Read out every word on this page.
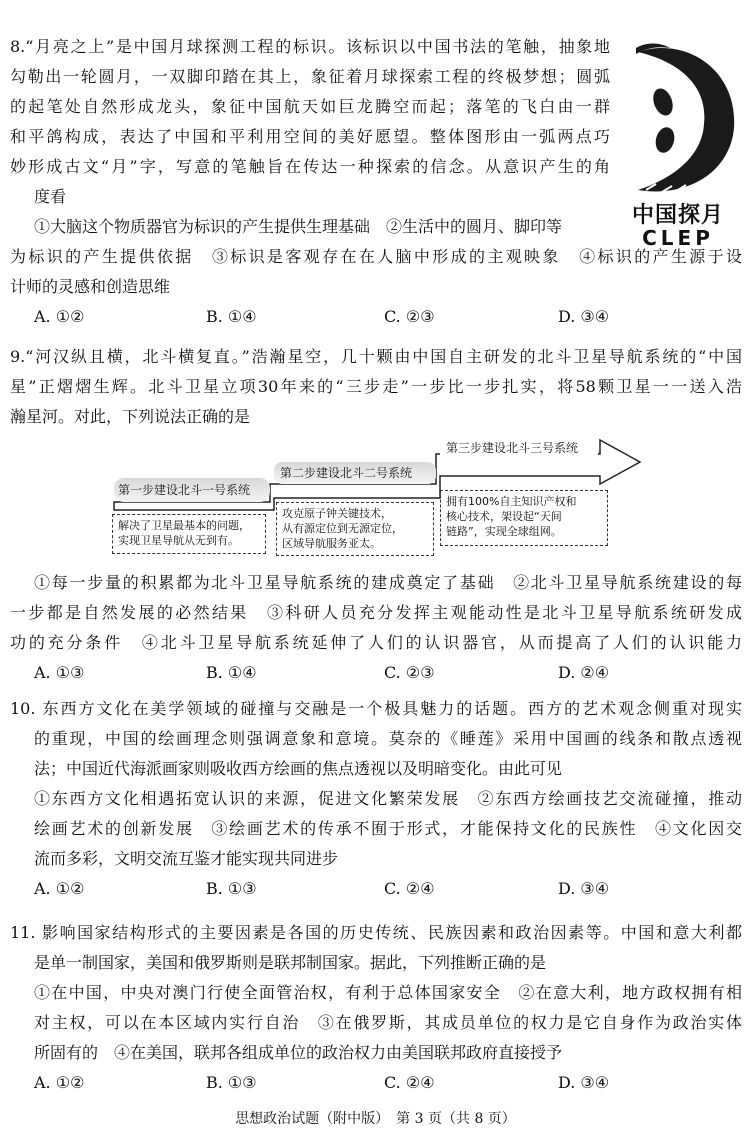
8.“月亮之上”是中国月球探测工程的标识。该标识以中国书法的笔触，抽象地
勾勒出一轮圆月，一双脚印踏在其上，象征着月球探索工程的终极梦想；圆弧
的起笔处自然形成龙头，象征中国航天如巨龙腾空而起；落笔的飞白由一群
和平鸽构成，表达了中国和平利用空间的美好愿望。整体图形由一弧两点巧
妙形成古文“月”字，写意的笔触旨在传达一种探索的信念。从意识产生的角
度看
①大脑这个物质器官为标识的产生提供生理基础　②生活中的圆月、脚印等
为标识的产生提供依据　③标识是客观存在在人脑中形成的主观映象　④标识的产生源于设
计师的灵感和创造思维
A. ①②	B. ①④	C. ②③	D. ③④
中国探月
CLEP
9.“河汉纵且横，北斗横复直。”浩瀚星空，几十颗由中国自主研发的北斗卫星导航系统的“中国
星”正熠熠生辉。北斗卫星立项30年来的“三步走”一步比一步扎实，将58颗卫星一一送入浩
瀚星河。对此，下列说法正确的是
第一步建设北斗一号系统
第二步建设北斗二号系统
第三步建设北斗三号系统
解决了卫星最基本的问题，
实现卫星导航从无到有。
攻克原子钟关键技术，
从有源定位到无源定位，
区域导航服务亚太。
拥有100%自主知识产权和
核心技术，架设起“天间
链路”，实现全球组网。
①每一步量的积累都为北斗卫星导航系统的建成奠定了基础　②北斗卫星导航系统建设的每
一步都是自然发展的必然结果　③科研人员充分发挥主观能动性是北斗卫星导航系统研发成
功的充分条件　④北斗卫星导航系统延伸了人们的认识器官，从而提高了人们的认识能力
A. ①③	B. ①④	C. ②③	D. ②④
10. 东西方文化在美学领域的碰撞与交融是一个极具魅力的话题。西方的艺术观念侧重对现实
的重现，中国的绘画理念则强调意象和意境。莫奈的《睡莲》采用中国画的线条和散点透视
法；中国近代海派画家则吸收西方绘画的焦点透视以及明暗变化。由此可见
①东西方文化相遇拓宽认识的来源，促进文化繁荣发展　②东西方绘画技艺交流碰撞，推动
绘画艺术的创新发展　③绘画艺术的传承不囿于形式，才能保持文化的民族性　④文化因交
流而多彩，文明交流互鉴才能实现共同进步
A. ①②	B. ①③	C. ②④	D. ③④
11. 影响国家结构形式的主要因素是各国的历史传统、民族因素和政治因素等。中国和意大利都
是单一制国家，美国和俄罗斯则是联邦制国家。据此，下列推断正确的是
①在中国，中央对澳门行使全面管治权，有利于总体国家安全　②在意大利，地方政权拥有相
对主权，可以在本区域内实行自治　③在俄罗斯，其成员单位的权力是它自身作为政治实体
所固有的　④在美国，联邦各组成单位的政治权力由美国联邦政府直接授予
A. ①②	B. ①③	C. ②④	D. ③④
思想政治试题（附中版）　第 3 页（共 8 页）
